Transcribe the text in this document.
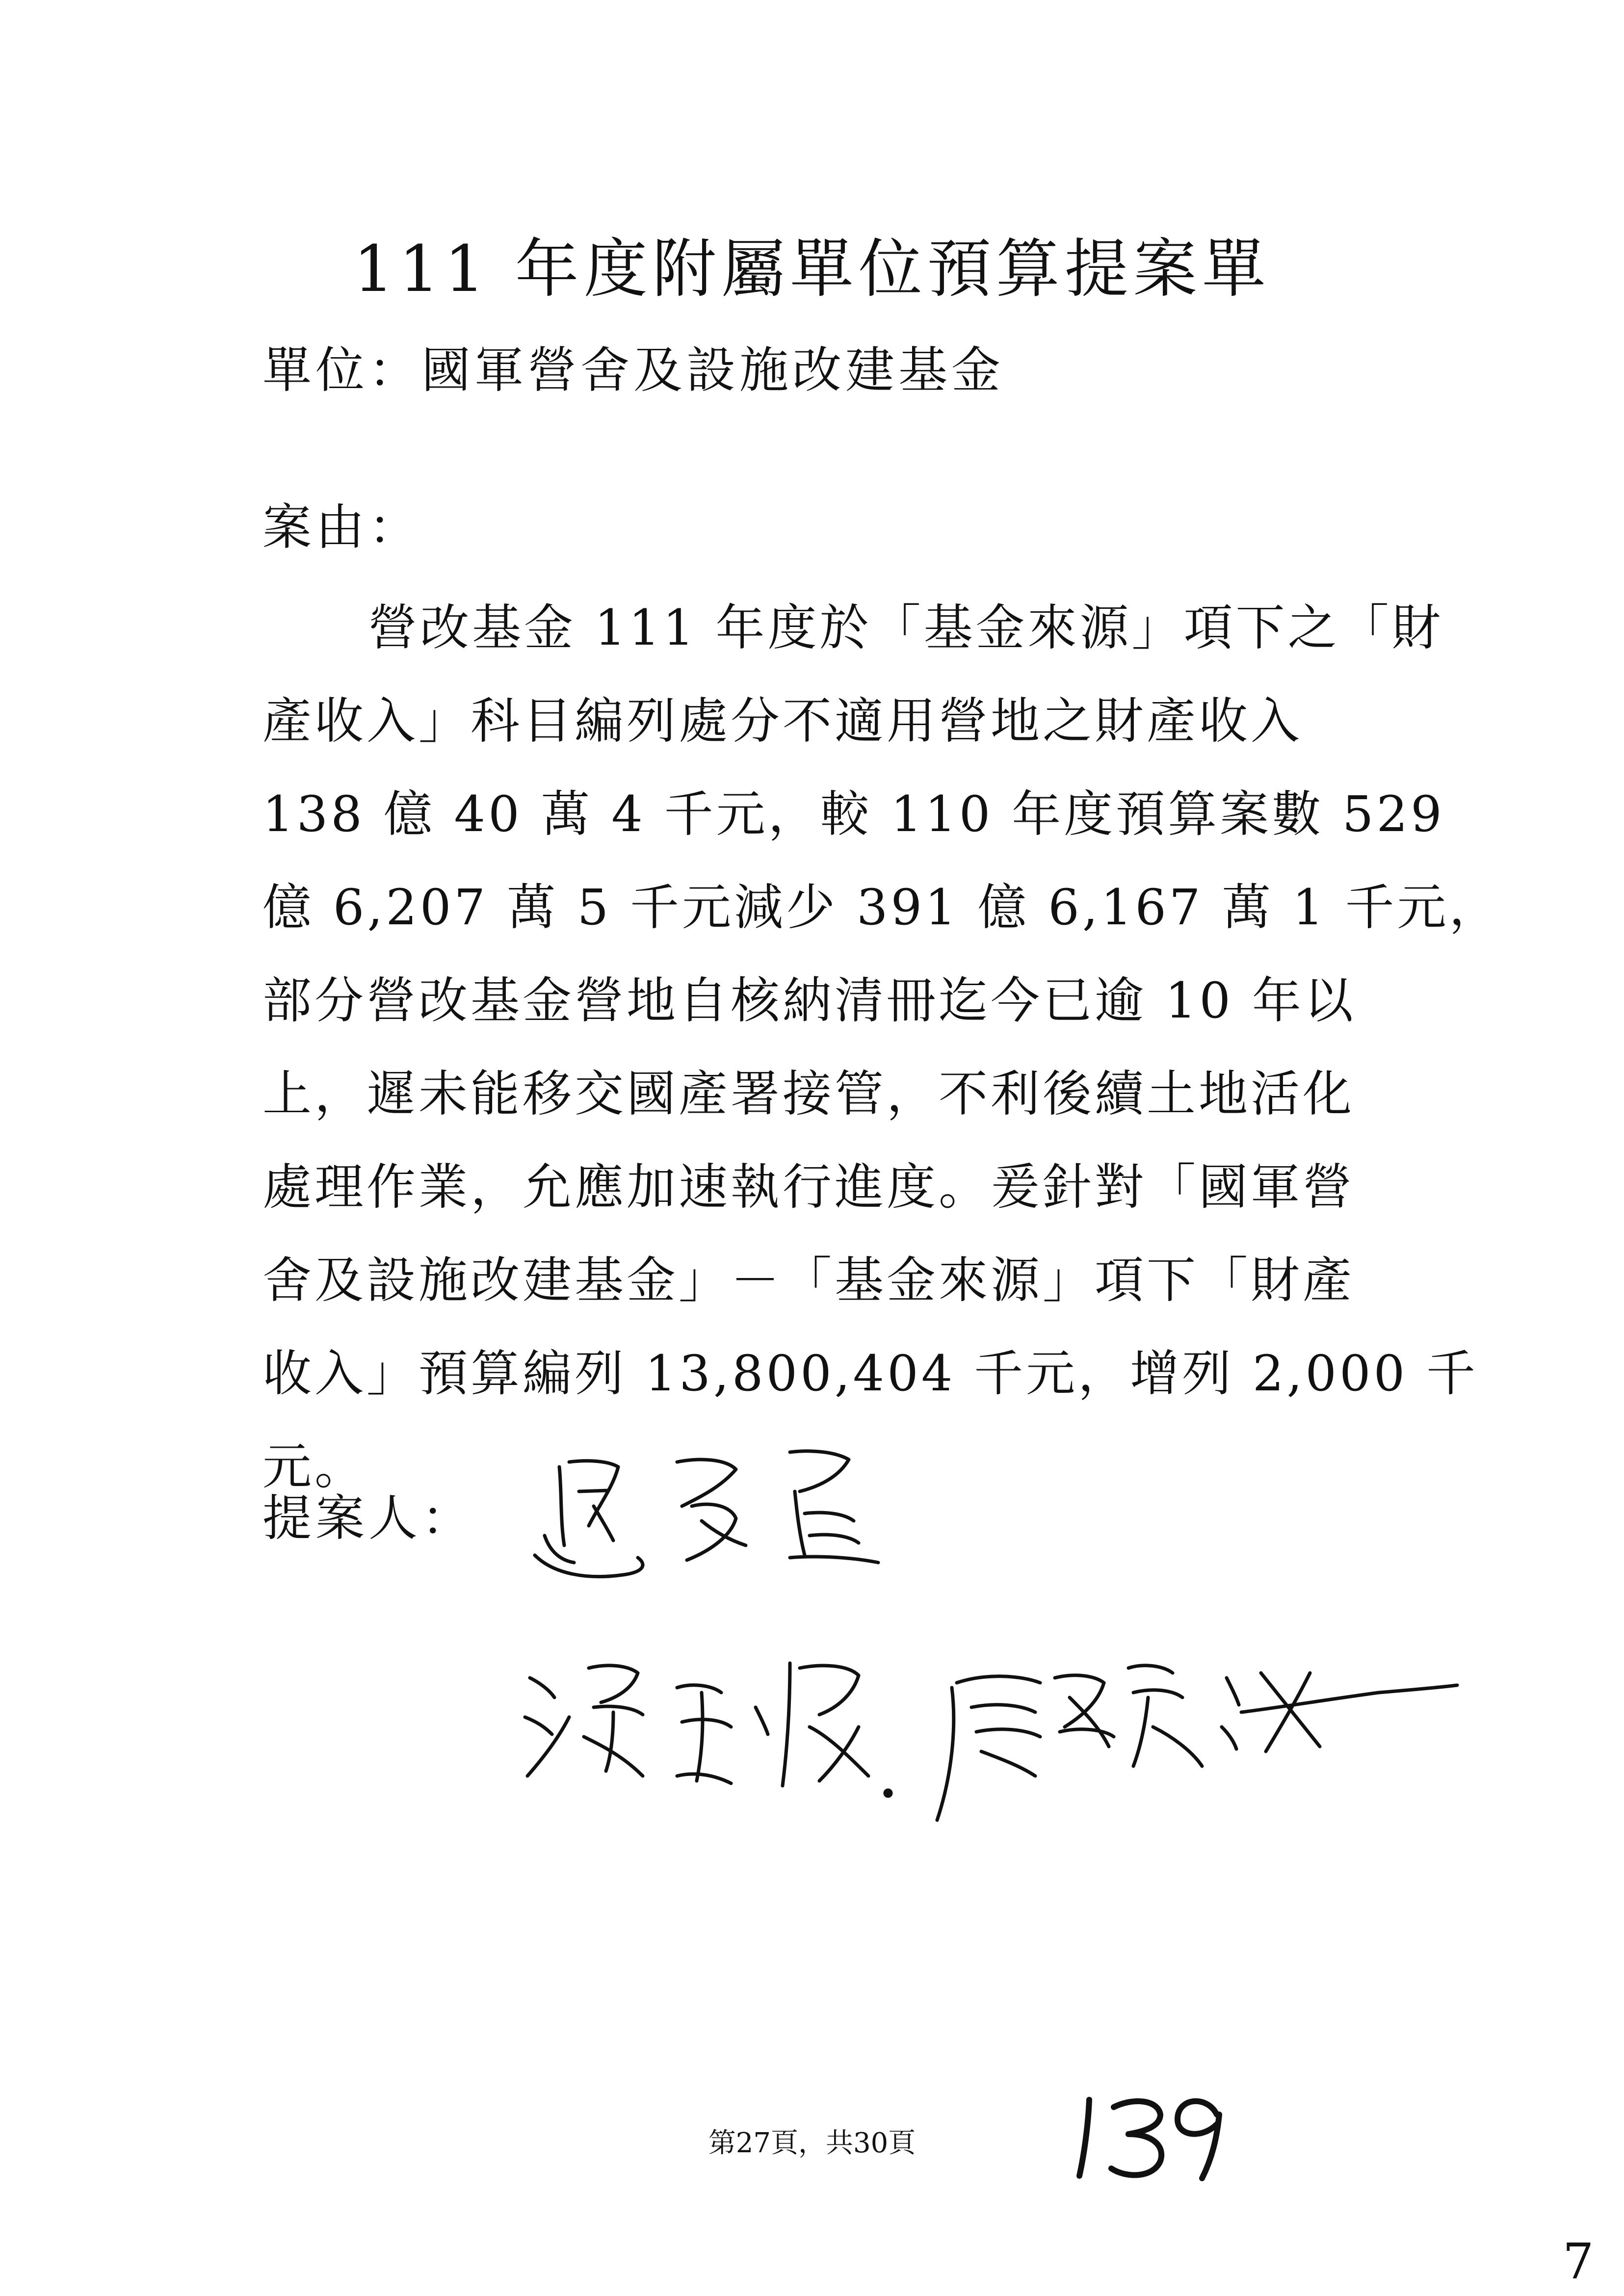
111 年度附屬單位預算提案單
單位：國軍營舍及設施改建基金
案由：
營改基金 111 年度於「基金來源」項下之「財
產收入」科目編列處分不適用營地之財產收入
138 億 40 萬 4 千元，較 110 年度預算案數 529
億 6,207 萬 5 千元減少 391 億 6,167 萬 1 千元，
部分營改基金營地自核納清冊迄今已逾 10 年以
上，遲未能移交國產署接管，不利後續土地活化
處理作業，允應加速執行進度。爰針對「國軍營
舍及設施改建基金」－「基金來源」項下「財產
收入」預算編列 13,800,404 千元，增列 2,000 千
元。
提案人：
第27頁，共30頁
7
